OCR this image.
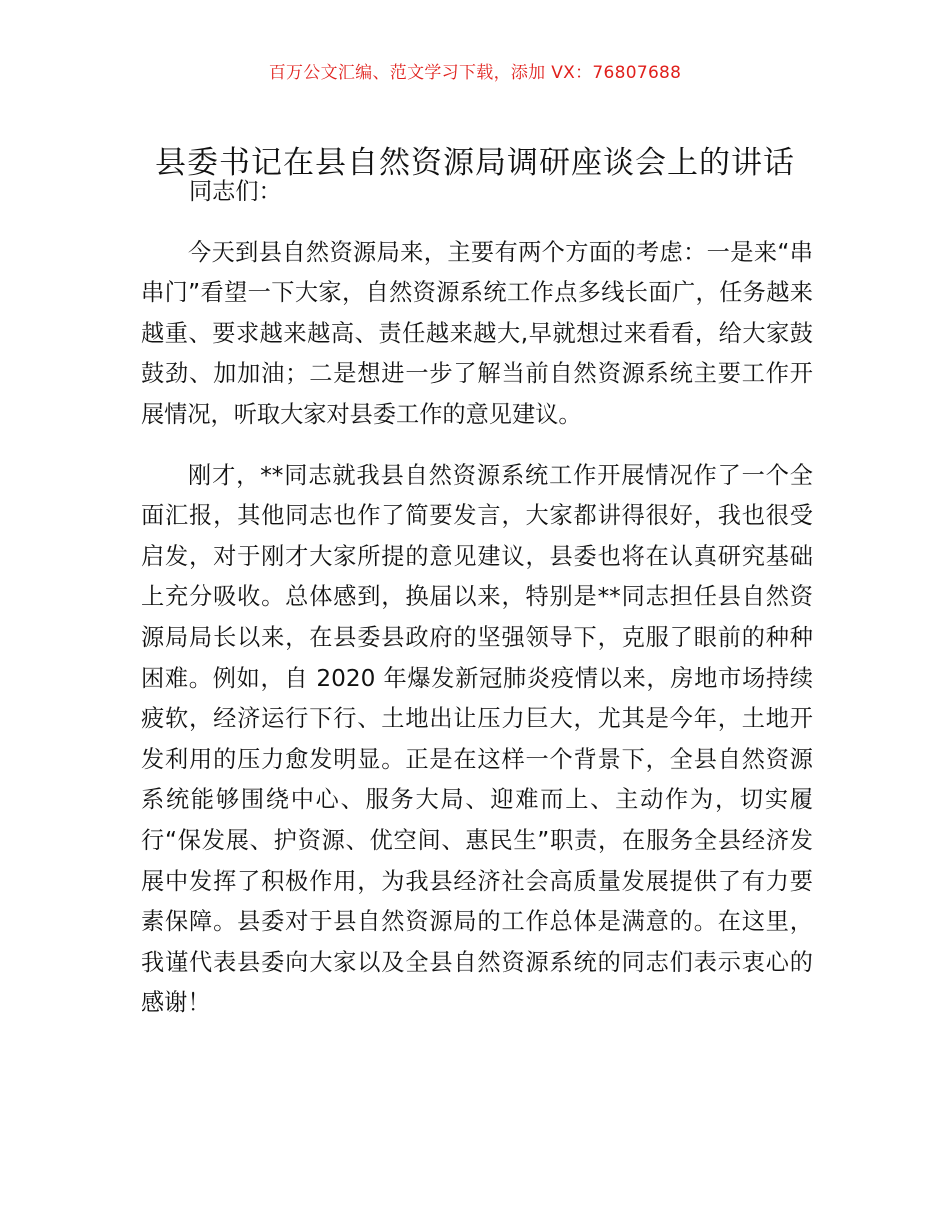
百万公文汇编、范文学习下载，添加 VX：76807688
县委书记在县自然资源局调研座谈会上的讲话

同志们：

今天到县自然资源局来，主要有两个方面的考虑：一是来“串串门”看望一下大家，自然资源系统工作点多线长面广，任务越来越重、要求越来越高、责任越来越大,早就想过来看看，给大家鼓鼓劲、加加油；二是想进一步了解当前自然资源系统主要工作开展情况，听取大家对县委工作的意见建议。

刚才，**同志就我县自然资源系统工作开展情况作了一个全面汇报，其他同志也作了简要发言，大家都讲得很好，我也很受启发，对于刚才大家所提的意见建议，县委也将在认真研究基础上充分吸收。总体感到，换届以来，特别是**同志担任县自然资源局局长以来，在县委县政府的坚强领导下，克服了眼前的种种困难。例如，自 2020 年爆发新冠肺炎疫情以来，房地市场持续疲软，经济运行下行、土地出让压力巨大，尤其是今年，土地开发利用的压力愈发明显。正是在这样一个背景下，全县自然资源系统能够围绕中心、服务大局、迎难而上、主动作为，切实履行“保发展、护资源、优空间、惠民生”职责，在服务全县经济发展中发挥了积极作用，为我县经济社会高质量发展提供了有力要素保障。县委对于县自然资源局的工作总体是满意的。在这里，我谨代表县委向大家以及全县自然资源系统的同志们表示衷心的感谢！
